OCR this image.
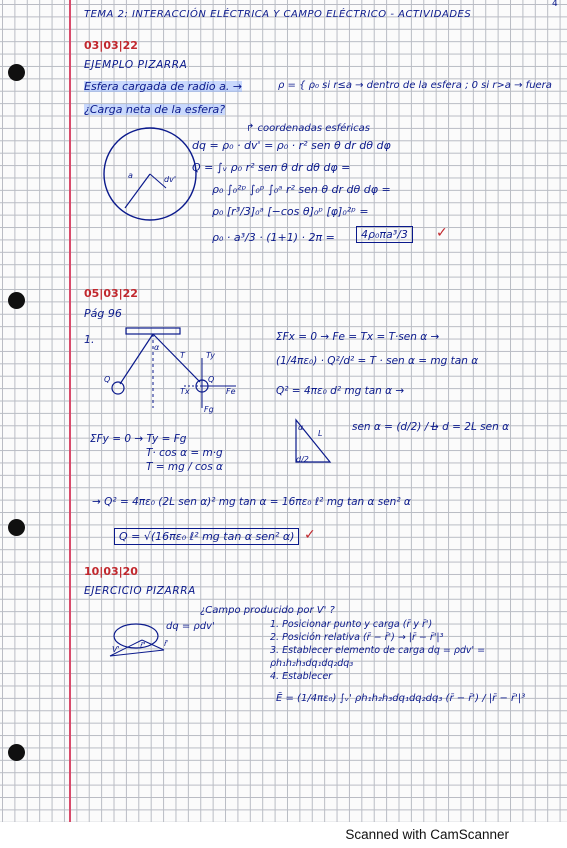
TEMA 2: INTERACCIÓN ELÉCTRICA Y CAMPO ELÉCTRICO - ACTIVIDADES
4
03|03|22
EJEMPLO PIZARRA
Esfera cargada de radio a. →	ρ = { ρ₀ si r≤a → dentro de la esfera ; 0 si r>a → fuera
¿Carga neta de la esfera?
a	dv'
↱ coordenadas esféricas
dq = ρ₀ · dv' = ρ₀ · r² sen θ dr dθ dφ
Q = ∫ᵥ ρ₀ r² sen θ dr dθ dφ =
ρ₀ ∫₀²ᵖ ∫₀ᵖ ∫₀ᵃ r² sen θ dr dθ dφ =
ρ₀ [r³/3]₀ᵃ [−cos θ]₀ᵖ [φ]₀²ᵖ =
ρ₀ · a³/3 · (1+1) · 2π =	4ρ₀πa³/3	✓
05|03|22
Pág 96
1.
α
T	Ty
Tx	Fe
Fg
Q	Q
ΣFx = 0 → Fe = Tx = T·sen α →
(1/4πε₀) · Q²/d² = T · sen α = mg tan α
Q² = 4πε₀ d² mg tan α →
ΣFy = 0 → Ty = Fg
T· cos α = m·g
T = mg / cos α
α
L
d/2
sen α = (d/2) / L
→ d = 2L sen α
→ Q² = 4πε₀ (2L sen α)² mg tan α = 16πε₀ ℓ² mg tan α sen² α
Q = √(16πε₀ ℓ² mg tan α sen² α) ✓
10|03|20
EJERCICIO PIZARRA
¿Campo producido por V' ?
dq = ρdv'
V'	r̄' r̄
1. Posicionar punto y carga (r̄ y r̄')
2. Posición relativa (r̄ − r̄') → |r̄ − r̄'|³
3. Establecer elemento de carga dq = ρdv' =
ρh₁h₂h₃dq₁dq₂dq₃
4. Establecer
Ē = (1/4πε₀) ∫ᵥ' ρh₁h₂h₃dq₁dq₂dq₃ (r̄ − r̄') / |r̄ − r̄'|³
Scanned with CamScanner
